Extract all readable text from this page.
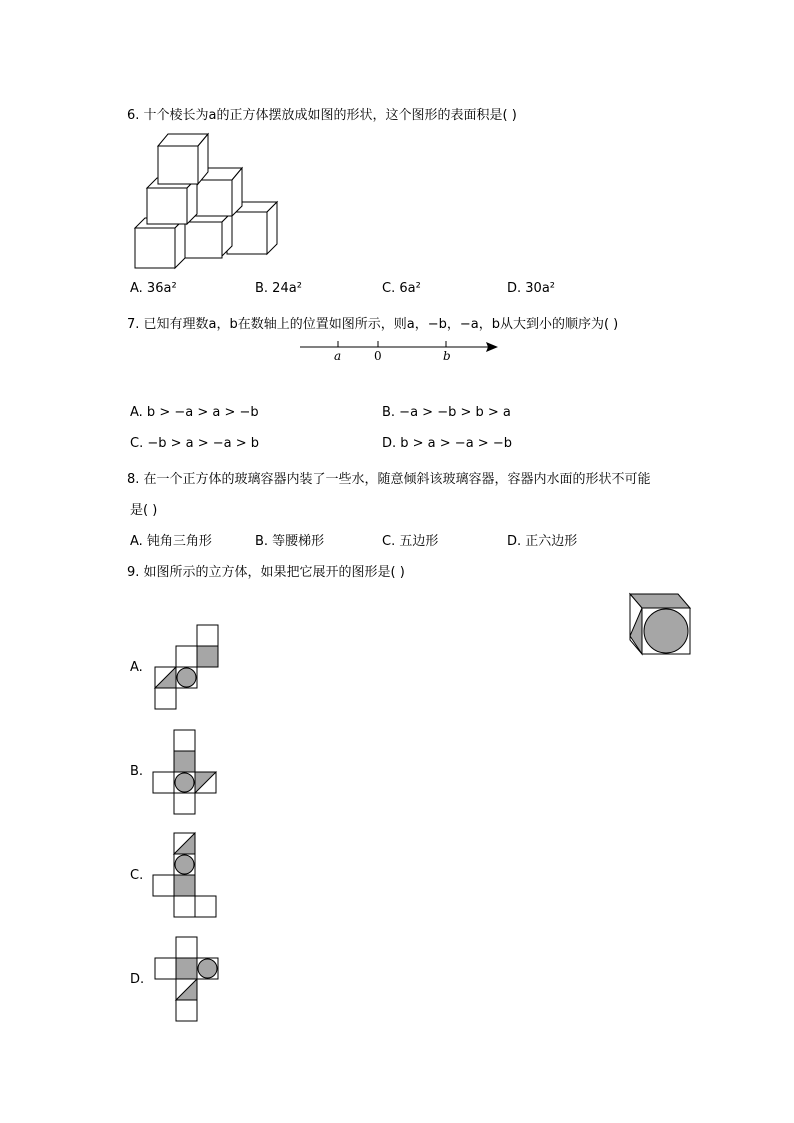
6. 十个棱长为a的正方体摆放成如图的形状，这个图形的表面积是( )
A. 36a²	B. 24a²	C. 6a²	D. 30a²
7. 已知有理数a，b在数轴上的位置如图所示，则a，−b，−a，b从大到小的顺序为( )
a	0	b
A. b > −a > a > −b	B. −a > −b > b > a
C. −b > a > −a > b	D. b > a > −a > −b
8. 在一个正方体的玻璃容器内装了一些水，随意倾斜该玻璃容器，容器内水面的形状不可能
是( )
A. 钝角三角形	B. 等腰梯形	C. 五边形	D. 正六边形
9. 如图所示的立方体，如果把它展开的图形是( )
A.
B.
C.
D.
